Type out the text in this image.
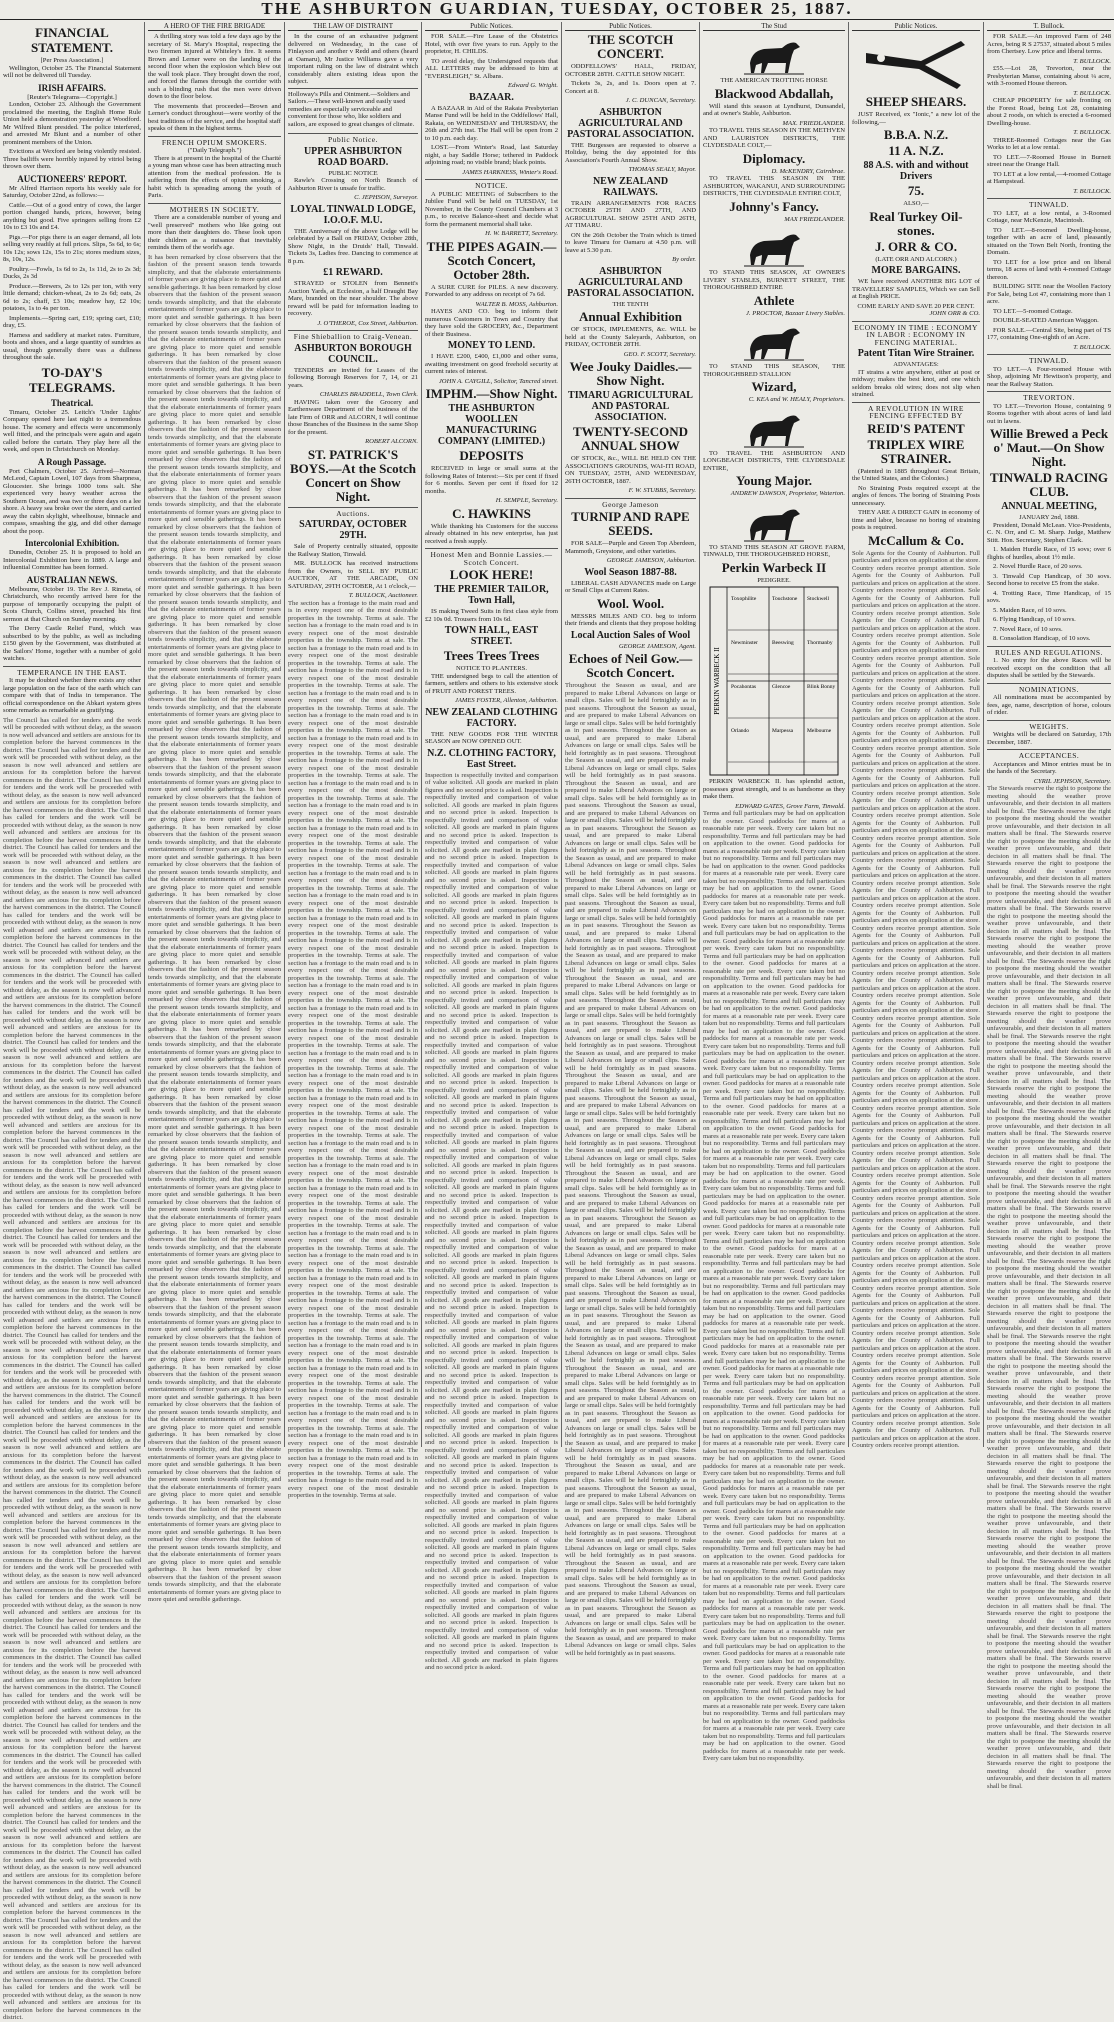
THE ASHBURTON GUARDIAN, TUESDAY, OCTOBER 25, 1887.
FINANCIAL STATEMENT.
[Per Press Association.]
Wellington, October 25. The Financial Statement will not be delivered till Tuesday.
IRISH AFFAIRS.
[Reuter's Telegrams—Copyright.]
London, October 23. Although the Government proclaimed the meeting, the English Home Rule Union held a demonstration yesterday at Woodford. Mr Wilfred Blunt presided. The police interfered, and arrested Mr Blunt and a number of other prominent members of the Union.
Evictions at Wexford are being violently resisted. Three bailiffs were horribly injured by vitriol being thrown over them.
AUCTIONEERS' REPORT.
Mr Alfred Harrison reports his weekly sale for Saturday, October 22nd, as follows:—
Cattle.—Out of a good entry of cows, the larger portion changed hands, prices, however, being anything but good. Five springers selling from £2 10s to £3 10s and £4.
Pigs.—For pigs there is an eager demand, all lots selling very readily at full prices. Slips, 5s 6d, to 6s; 10s 12s; sows 12s, 15s to 21s; stores medium sizes, 8s, 10s, 12s.
Poultry.—Fowls, 1s 6d to 2s, 1s 11d, 2s to 2s 3d; Ducks, 2s 3d
Produce.—Brewers, 2s to 12s per ton, with very little demand; chicken-wheat, 2s to 2s 6d; oats, 2s 6d to 2s; chaff, £3 10s; meadow hay, £2 10s; potatoes, 1s to 4s per ton.
Implements.—Spring cart, £19; spring cart, £10; dray, £5.
Harness and saddlery at market rates. Furniture, boots and shoes, and a large quantity of sundries as usual, though generally there was a dullness throughout the sale.
TO-DAY'S TELEGRAMS.
Theatrical.
Timaru, October 25. Leitch's 'Under Lights' Company opened here last night to a tremendous house. The scenery and effects were uncommonly well fitted, and the principals were again and again called before the curtain. They play here all the week, and open in Christchurch on Monday.
A Rough Passage.
Port Chalmers, October 25. Arrived—Norman McLeod, Captain Lowel, 107 days from Sharpness, Gloucester. She brings 1000 tons salt. She experienced very heavy weather across the Southern Ocean, and was two or three days on a lee shore. A heavy sea broke over the stern, and carried away the cabin skylight, wheelhouse, binnacle and compass, smashing the gig, and did other damage about the poop.
Intercolonial Exhibition.
Dunedin, October 25. It is proposed to hold an Intercolonial Exhibition here in 1889. A large and influential Committee has been formed.
AUSTRALIAN NEWS.
Melbourne, October 19. The Rev J. Rimeta, of Christchurch, who recently arrived here for the purpose of temporarily occupying the pulpit of Scots Church, Collins street, preached his first sermon at that Church on Sunday morning.
The Derry Castle Relief Fund, which was subscribed to by the public, as well as including £150 given by the Government, was distributed at the Sailors' Home, together with a number of gold watches.
TEMPERANCE IN THE EAST.
It may be doubted whether there exists any other large population on the face of the earth which can compare with that of India in temperance. The official correspondence on the Abkari system gives some remarks as remarkable as gratifying.
The Council has called for tenders and the work will be proceeded with without delay, as the season is now well advanced and settlers are anxious for its completion before the harvest commences in the district. The Council has called for tenders and the work will be proceeded with without delay, as the season is now well advanced and settlers are anxious for its completion before the harvest commences in the district. The Council has called for tenders and the work will be proceeded with without delay, as the season is now well advanced and settlers are anxious for its completion before the harvest commences in the district. The Council has called for tenders and the work will be proceeded with without delay, as the season is now well advanced and settlers are anxious for its completion before the harvest commences in the district. The Council has called for tenders and the work will be proceeded with without delay, as the season is now well advanced and settlers are anxious for its completion before the harvest commences in the district. The Council has called for tenders and the work will be proceeded with without delay, as the season is now well advanced and settlers are anxious for its completion before the harvest commences in the district. The Council has called for tenders and the work will be proceeded with without delay, as the season is now well advanced and settlers are anxious for its completion before the harvest commences in the district. The Council has called for tenders and the work will be proceeded with without delay, as the season is now well advanced and settlers are anxious for its completion before the harvest commences in the district. The Council has called for tenders and the work will be proceeded with without delay, as the season is now well advanced and settlers are anxious for its completion before the harvest commences in the district. The Council has called for tenders and the work will be proceeded with without delay, as the season is now well advanced and settlers are anxious for its completion before the harvest commences in the district. The Council has called for tenders and the work will be proceeded with without delay, as the season is now well advanced and settlers are anxious for its completion before the harvest commences in the district. The Council has called for tenders and the work will be proceeded with without delay, as the season is now well advanced and settlers are anxious for its completion before the harvest commences in the district. The Council has called for tenders and the work will be proceeded with without delay, as the season is now well advanced and settlers are anxious for its completion before the harvest commences in the district. The Council has called for tenders and the work will be proceeded with without delay, as the season is now well advanced and settlers are anxious for its completion before the harvest commences in the district. The Council has called for tenders and the work will be proceeded with without delay, as the season is now well advanced and settlers are anxious for its completion before the harvest commences in the district. The Council has called for tenders and the work will be proceeded with without delay, as the season is now well advanced and settlers are anxious for its completion before the harvest commences in the district. The Council has called for tenders and the work will be proceeded with without delay, as the season is now well advanced and settlers are anxious for its completion before the harvest commences in the district. The Council has called for tenders and the work will be proceeded with without delay, as the season is now well advanced and settlers are anxious for its completion before the harvest commences in the district. The Council has called for tenders and the work will be proceeded with without delay, as the season is now well advanced and settlers are anxious for its completion before the harvest commences in the district. The Council has called for tenders and the work will be proceeded with without delay, as the season is now well advanced and settlers are anxious for its completion before the harvest commences in the district. The Council has called for tenders and the work will be proceeded with without delay, as the season is now well advanced and settlers are anxious for its completion before the harvest commences in the district. The Council has called for tenders and the work will be proceeded with without delay, as the season is now well advanced and settlers are anxious for its completion before the harvest commences in the district. The Council has called for tenders and the work will be proceeded with without delay, as the season is now well advanced and settlers are anxious for its completion before the harvest commences in the district. The Council has called for tenders and the work will be proceeded with without delay, as the season is now well advanced and settlers are anxious for its completion before the harvest commences in the district. The Council has called for tenders and the work will be proceeded with without delay, as the season is now well advanced and settlers are anxious for its completion before the harvest commences in the district. The Council has called for tenders and the work will be proceeded with without delay, as the season is now well advanced and settlers are anxious for its completion before the harvest commences in the district. The Council has called for tenders and the work will be proceeded with without delay, as the season is now well advanced and settlers are anxious for its completion before the harvest commences in the district. The Council has called for tenders and the work will be proceeded with without delay, as the season is now well advanced and settlers are anxious for its completion before the harvest commences in the district. The Council has called for tenders and the work will be proceeded with without delay, as the season is now well advanced and settlers are anxious for its completion before the harvest commences in the district. The Council has called for tenders and the work will be proceeded with without delay, as the season is now well advanced and settlers are anxious for its completion before the harvest commences in the district. The Council has called for tenders and the work will be proceeded with without delay, as the season is now well advanced and settlers are anxious for its completion before the harvest commences in the district. The Council has called for tenders and the work will be proceeded with without delay, as the season is now well advanced and settlers are anxious for its completion before the harvest commences in the district. The Council has called for tenders and the work will be proceeded with without delay, as the season is now well advanced and settlers are anxious for its completion before the harvest commences in the district. The Council has called for tenders and the work will be proceeded with without delay, as the season is now well advanced and settlers are anxious for its completion before the harvest commences in the district. The Council has called for tenders and the work will be proceeded with without delay, as the season is now well advanced and settlers are anxious for its completion before the harvest commences in the district. The Council has called for tenders and the work will be proceeded with without delay, as the season is now well advanced and settlers are anxious for its completion before the harvest commences in the district. The Council has called for tenders and the work will be proceeded with without delay, as the season is now well advanced and settlers are anxious for its completion before the harvest commences in the district. The Council has called for tenders and the work will be proceeded with without delay, as the season is now well advanced and settlers are anxious for its completion before the harvest commences in the district. The Council has called for tenders and the work will be proceeded with without delay, as the season is now well advanced and settlers are anxious for its completion before the harvest commences in the district. The Council has called for tenders and the work will be proceeded with without delay, as the season is now well advanced and settlers are anxious for its completion before the harvest commences in the district.
A HERO OF THE FIRE BRIGADE
A thrilling story was told a few days ago by the secretary of St. Mary's Hospital, respecting the two firemen injured at Whiteley's fire. It seems Brown and Lerner were on the landing of the second floor when the explosion which blew out the wall took place. They brought down the roof, and forced the flames through the corridor with such a blinding rush that the men were driven down to the floor below.
The movements that proceeded—Brown and Lerner's conduct throughout—were worthy of the best traditions of the service, and the hospital staff speaks of them in the highest terms.
FRENCH OPIUM SMOKERS.
("Daily Telegraph.")
There is at present in the hospital of the Charité a young man whose case has been attracting much attention from the medical profession. He is suffering from the effects of opium smoking, a habit which is spreading among the youth of Paris.
MOTHERS IN SOCIETY.
There are a considerable number of young and "well preserved" mothers who like going out more than their daughters do. These look upon their children as a nuisance that inevitably reminds them of the world's age.
It has been remarked by close observers that the fashion of the present season tends towards simplicity, and that the elaborate entertainments of former years are giving place to more quiet and sensible gatherings. It has been remarked by close observers that the fashion of the present season tends towards simplicity, and that the elaborate entertainments of former years are giving place to more quiet and sensible gatherings. It has been remarked by close observers that the fashion of the present season tends towards simplicity, and that the elaborate entertainments of former years are giving place to more quiet and sensible gatherings. It has been remarked by close observers that the fashion of the present season tends towards simplicity, and that the elaborate entertainments of former years are giving place to more quiet and sensible gatherings. It has been remarked by close observers that the fashion of the present season tends towards simplicity, and that the elaborate entertainments of former years are giving place to more quiet and sensible gatherings. It has been remarked by close observers that the fashion of the present season tends towards simplicity, and that the elaborate entertainments of former years are giving place to more quiet and sensible gatherings. It has been remarked by close observers that the fashion of the present season tends towards simplicity, and that the elaborate entertainments of former years are giving place to more quiet and sensible gatherings. It has been remarked by close observers that the fashion of the present season tends towards simplicity, and that the elaborate entertainments of former years are giving place to more quiet and sensible gatherings. It has been remarked by close observers that the fashion of the present season tends towards simplicity, and that the elaborate entertainments of former years are giving place to more quiet and sensible gatherings. It has been remarked by close observers that the fashion of the present season tends towards simplicity, and that the elaborate entertainments of former years are giving place to more quiet and sensible gatherings. It has been remarked by close observers that the fashion of the present season tends towards simplicity, and that the elaborate entertainments of former years are giving place to more quiet and sensible gatherings. It has been remarked by close observers that the fashion of the present season tends towards simplicity, and that the elaborate entertainments of former years are giving place to more quiet and sensible gatherings. It has been remarked by close observers that the fashion of the present season tends towards simplicity, and that the elaborate entertainments of former years are giving place to more quiet and sensible gatherings. It has been remarked by close observers that the fashion of the present season tends towards simplicity, and that the elaborate entertainments of former years are giving place to more quiet and sensible gatherings. It has been remarked by close observers that the fashion of the present season tends towards simplicity, and that the elaborate entertainments of former years are giving place to more quiet and sensible gatherings. It has been remarked by close observers that the fashion of the present season tends towards simplicity, and that the elaborate entertainments of former years are giving place to more quiet and sensible gatherings. It has been remarked by close observers that the fashion of the present season tends towards simplicity, and that the elaborate entertainments of former years are giving place to more quiet and sensible gatherings. It has been remarked by close observers that the fashion of the present season tends towards simplicity, and that the elaborate entertainments of former years are giving place to more quiet and sensible gatherings. It has been remarked by close observers that the fashion of the present season tends towards simplicity, and that the elaborate entertainments of former years are giving place to more quiet and sensible gatherings. It has been remarked by close observers that the fashion of the present season tends towards simplicity, and that the elaborate entertainments of former years are giving place to more quiet and sensible gatherings. It has been remarked by close observers that the fashion of the present season tends towards simplicity, and that the elaborate entertainments of former years are giving place to more quiet and sensible gatherings. It has been remarked by close observers that the fashion of the present season tends towards simplicity, and that the elaborate entertainments of former years are giving place to more quiet and sensible gatherings. It has been remarked by close observers that the fashion of the present season tends towards simplicity, and that the elaborate entertainments of former years are giving place to more quiet and sensible gatherings. It has been remarked by close observers that the fashion of the present season tends towards simplicity, and that the elaborate entertainments of former years are giving place to more quiet and sensible gatherings. It has been remarked by close observers that the fashion of the present season tends towards simplicity, and that the elaborate entertainments of former years are giving place to more quiet and sensible gatherings. It has been remarked by close observers that the fashion of the present season tends towards simplicity, and that the elaborate entertainments of former years are giving place to more quiet and sensible gatherings. It has been remarked by close observers that the fashion of the present season tends towards simplicity, and that the elaborate entertainments of former years are giving place to more quiet and sensible gatherings. It has been remarked by close observers that the fashion of the present season tends towards simplicity, and that the elaborate entertainments of former years are giving place to more quiet and sensible gatherings. It has been remarked by close observers that the fashion of the present season tends towards simplicity, and that the elaborate entertainments of former years are giving place to more quiet and sensible gatherings. It has been remarked by close observers that the fashion of the present season tends towards simplicity, and that the elaborate entertainments of former years are giving place to more quiet and sensible gatherings. It has been remarked by close observers that the fashion of the present season tends towards simplicity, and that the elaborate entertainments of former years are giving place to more quiet and sensible gatherings. It has been remarked by close observers that the fashion of the present season tends towards simplicity, and that the elaborate entertainments of former years are giving place to more quiet and sensible gatherings. It has been remarked by close observers that the fashion of the present season tends towards simplicity, and that the elaborate entertainments of former years are giving place to more quiet and sensible gatherings. It has been remarked by close observers that the fashion of the present season tends towards simplicity, and that the elaborate entertainments of former years are giving place to more quiet and sensible gatherings. It has been remarked by close observers that the fashion of the present season tends towards simplicity, and that the elaborate entertainments of former years are giving place to more quiet and sensible gatherings. It has been remarked by close observers that the fashion of the present season tends towards simplicity, and that the elaborate entertainments of former years are giving place to more quiet and sensible gatherings. It has been remarked by close observers that the fashion of the present season tends towards simplicity, and that the elaborate entertainments of former years are giving place to more quiet and sensible gatherings. It has been remarked by close observers that the fashion of the present season tends towards simplicity, and that the elaborate entertainments of former years are giving place to more quiet and sensible gatherings. It has been remarked by close observers that the fashion of the present season tends towards simplicity, and that the elaborate entertainments of former years are giving place to more quiet and sensible gatherings. It has been remarked by close observers that the fashion of the present season tends towards simplicity, and that the elaborate entertainments of former years are giving place to more quiet and sensible gatherings.
THE LAW OF DISTRAINT
In the course of an exhaustive judgment delivered on Wednesday, in the case of Finlayson and another v Redd and others (heard at Oamaru), Mr Justice Williams gave a very important ruling on the law of distraint which considerably alters existing ideas upon the subject.
Holloway's Pills and Ointment.—Soldiers and Sailors.—These well-known and easily used remedies are especially serviceable and convenient for those who, like soldiers and sailors, are exposed to great changes of climate.
Public Notice.
UPPER ASHBURTON ROAD BOARD.
PUBLIC NOTICE
Rawle's Crossing on North Branch of Ashburton River is unsafe for traffic.
C. JEPHSON, Surveyor.
LOYAL TINWALD LODGE, I.O.O.F. M.U.
THE Anniversary of the above Lodge will be celebrated by a Ball on FRIDAY, October 28th, Show Night, in the Druids' Hall, Tinwald. Tickets 3s, Ladies free. Dancing to commence at 8 p.m.
£1 REWARD.
STRAYED or STOLEN from Bennett's Auction Yards, at Ecclesion, a half Draught Bay Mare, branded on the near shoulder. The above reward will be paid for information leading to recovery.
J. O'THEROE, Cox Street, Ashburton.
Fine Shieballion to Craig-Venean.
ASHBURTON BOROUGH COUNCIL.
TENDERS are invited for Leases of the following Borough Reserves for 7, 14, or 21 years.
CHARLES BRADDELL, Town Clerk.
HAVING taken over the Grocery and Earthenware Department of the business of the late Firm of ORR and ALCORN, I will continue those Branches of the Business in the same Shop for the present.
ROBERT ALCORN.
ST. PATRICK'S BOYS.—At the Scotch Concert on Show Night.
Auctions.
SATURDAY, OCTOBER 29TH.
Sale of Property centrally situated, opposite the Railway Station, Tinwald.
MR. BULLOCK has received instructions from the Owners, to SELL BY PUBLIC AUCTION, AT THE ARCADE, ON SATURDAY, 29TH OCTOBER, At 1 o'clock,—
T. BULLOCK, Auctioneer.
The section has a frontage to the main road and is in every respect one of the most desirable properties in the township. Terms at sale. The section has a frontage to the main road and is in every respect one of the most desirable properties in the township. Terms at sale. The section has a frontage to the main road and is in every respect one of the most desirable properties in the township. Terms at sale. The section has a frontage to the main road and is in every respect one of the most desirable properties in the township. Terms at sale. The section has a frontage to the main road and is in every respect one of the most desirable properties in the township. Terms at sale. The section has a frontage to the main road and is in every respect one of the most desirable properties in the township. Terms at sale. The section has a frontage to the main road and is in every respect one of the most desirable properties in the township. Terms at sale. The section has a frontage to the main road and is in every respect one of the most desirable properties in the township. Terms at sale. The section has a frontage to the main road and is in every respect one of the most desirable properties in the township. Terms at sale. The section has a frontage to the main road and is in every respect one of the most desirable properties in the township. Terms at sale. The section has a frontage to the main road and is in every respect one of the most desirable properties in the township. Terms at sale. The section has a frontage to the main road and is in every respect one of the most desirable properties in the township. Terms at sale. The section has a frontage to the main road and is in every respect one of the most desirable properties in the township. Terms at sale. The section has a frontage to the main road and is in every respect one of the most desirable properties in the township. Terms at sale. The section has a frontage to the main road and is in every respect one of the most desirable properties in the township. Terms at sale. The section has a frontage to the main road and is in every respect one of the most desirable properties in the township. Terms at sale. The section has a frontage to the main road and is in every respect one of the most desirable properties in the township. Terms at sale. The section has a frontage to the main road and is in every respect one of the most desirable properties in the township. Terms at sale. The section has a frontage to the main road and is in every respect one of the most desirable properties in the township. Terms at sale. The section has a frontage to the main road and is in every respect one of the most desirable properties in the township. Terms at sale. The section has a frontage to the main road and is in every respect one of the most desirable properties in the township. Terms at sale. The section has a frontage to the main road and is in every respect one of the most desirable properties in the township. Terms at sale. The section has a frontage to the main road and is in every respect one of the most desirable properties in the township. Terms at sale. The section has a frontage to the main road and is in every respect one of the most desirable properties in the township. Terms at sale. The section has a frontage to the main road and is in every respect one of the most desirable properties in the township. Terms at sale. The section has a frontage to the main road and is in every respect one of the most desirable properties in the township. Terms at sale. The section has a frontage to the main road and is in every respect one of the most desirable properties in the township. Terms at sale. The section has a frontage to the main road and is in every respect one of the most desirable properties in the township. Terms at sale. The section has a frontage to the main road and is in every respect one of the most desirable properties in the township. Terms at sale. The section has a frontage to the main road and is in every respect one of the most desirable properties in the township. Terms at sale. The section has a frontage to the main road and is in every respect one of the most desirable properties in the township. Terms at sale. The section has a frontage to the main road and is in every respect one of the most desirable properties in the township. Terms at sale. The section has a frontage to the main road and is in every respect one of the most desirable properties in the township. Terms at sale. The section has a frontage to the main road and is in every respect one of the most desirable properties in the township. Terms at sale. The section has a frontage to the main road and is in every respect one of the most desirable properties in the township. Terms at sale. The section has a frontage to the main road and is in every respect one of the most desirable properties in the township. Terms at sale. The section has a frontage to the main road and is in every respect one of the most desirable properties in the township. Terms at sale. The section has a frontage to the main road and is in every respect one of the most desirable properties in the township. Terms at sale. The section has a frontage to the main road and is in every respect one of the most desirable properties in the township. Terms at sale. The section has a frontage to the main road and is in every respect one of the most desirable properties in the township. Terms at sale.
Public Notices.
FOR SALE.—Fire Lease of the Obstetrics Hotel, with over five years to run. Apply to the proprietor, H. CHILDS.
TO avoid delay, the Undersigned requests that ALL LETTERS may be addressed to him at "EVERSLEIGH," St. Albans.
Edward G. Wright.
BAZAAR.
A BAZAAR in Aid of the Rakaia Presbyterian Manse Fund will be held in the Oddfellows' Hall, Rakaia, on WEDNESDAY and THURSDAY, the 26th and 27th inst. The Hall will be open from 2 to 10 p.m. each day.
LOST.—From Winter's Road, last Saturday night, a bay Saddle Horse; tethered in Paddock adjoining road; no visible brand; black points.
JAMES HARKNESS, Winter's Road.
NOTICE.
A PUBLIC MEETING of Subscribers to the Jubilee Fund will be held on TUESDAY, 1st November, in the County Council Chambers at 3 p.m., to receive Balance-sheet and decide what form the permanent memorial shall take.
H. W. BARRETT, Secretary.
THE PIPES AGAIN.—Scotch Concert, October 28th.
A SURE CURE for PILES. A new discovery. Forwarded to any address on receipt of 7s 6d.
WALTER B. MOSS, Ashburton.
HAYES AND CO. beg to inform their numerous Customers in Town and Country that they have sold the GROCERY, &c., Department of their Business.
MONEY TO LEND.
I HAVE £200, £400, £1,000 and other sums, awaiting investment on good freehold security at current rates of interest.
JOHN A. CAYGILL, Solicitor, Tancred street.
IMPHM.—Show Night.
THE ASHBURTON WOOLLEN MANUFACTURING COMPANY (LIMITED.)
DEPOSITS
RECEIVED in large or small sums at the following Rates of Interest:—Six per cent if fixed for 6 months. Seven per cent if fixed for 12 months.
H. SEMPLE, Secretary.
C. HAWKINS
While thanking his Customers for the success already obtained in his new enterprise, has just received a fresh supply.
Honest Men and Bonnie Lassies.—Scotch Concert.
LOOK HERE!
THE PREMIER TAILOR, Town Hall,
IS making Tweed Suits in first class style from £2 10s 0d. Trousers from 10s 6d.
TOWN HALL, EAST STREET.
Trees Trees Trees
NOTICE TO PLANTERS.
THE undersigned begs to call the attention of farmers, settlers and others to his extensive stock of FRUIT AND FOREST TREES.
JAMES FOSTER, Allenton, Ashburton.
NEW ZEALAND CLOTHING FACTORY.
THE NEW GOODS FOR THE WINTER SEASON are NOW OPENED OUT.
N.Z. CLOTHING FACTORY, East Street.
Inspection is respectfully invited and comparison of value solicited. All goods are marked in plain figures and no second price is asked. Inspection is respectfully invited and comparison of value solicited. All goods are marked in plain figures and no second price is asked. Inspection is respectfully invited and comparison of value solicited. All goods are marked in plain figures and no second price is asked. Inspection is respectfully invited and comparison of value solicited. All goods are marked in plain figures and no second price is asked. Inspection is respectfully invited and comparison of value solicited. All goods are marked in plain figures and no second price is asked. Inspection is respectfully invited and comparison of value solicited. All goods are marked in plain figures and no second price is asked. Inspection is respectfully invited and comparison of value solicited. All goods are marked in plain figures and no second price is asked. Inspection is respectfully invited and comparison of value solicited. All goods are marked in plain figures and no second price is asked. Inspection is respectfully invited and comparison of value solicited. All goods are marked in plain figures and no second price is asked. Inspection is respectfully invited and comparison of value solicited. All goods are marked in plain figures and no second price is asked. Inspection is respectfully invited and comparison of value solicited. All goods are marked in plain figures and no second price is asked. Inspection is respectfully invited and comparison of value solicited. All goods are marked in plain figures and no second price is asked. Inspection is respectfully invited and comparison of value solicited. All goods are marked in plain figures and no second price is asked. Inspection is respectfully invited and comparison of value solicited. All goods are marked in plain figures and no second price is asked. Inspection is respectfully invited and comparison of value solicited. All goods are marked in plain figures and no second price is asked. Inspection is respectfully invited and comparison of value solicited. All goods are marked in plain figures and no second price is asked. Inspection is respectfully invited and comparison of value solicited. All goods are marked in plain figures and no second price is asked. Inspection is respectfully invited and comparison of value solicited. All goods are marked in plain figures and no second price is asked. Inspection is respectfully invited and comparison of value solicited. All goods are marked in plain figures and no second price is asked. Inspection is respectfully invited and comparison of value solicited. All goods are marked in plain figures and no second price is asked. Inspection is respectfully invited and comparison of value solicited. All goods are marked in plain figures and no second price is asked. Inspection is respectfully invited and comparison of value solicited. All goods are marked in plain figures and no second price is asked. Inspection is respectfully invited and comparison of value solicited. All goods are marked in plain figures and no second price is asked. Inspection is respectfully invited and comparison of value solicited. All goods are marked in plain figures and no second price is asked. Inspection is respectfully invited and comparison of value solicited. All goods are marked in plain figures and no second price is asked. Inspection is respectfully invited and comparison of value solicited. All goods are marked in plain figures and no second price is asked. Inspection is respectfully invited and comparison of value solicited. All goods are marked in plain figures and no second price is asked. Inspection is respectfully invited and comparison of value solicited. All goods are marked in plain figures and no second price is asked. Inspection is respectfully invited and comparison of value solicited. All goods are marked in plain figures and no second price is asked. Inspection is respectfully invited and comparison of value solicited. All goods are marked in plain figures and no second price is asked. Inspection is respectfully invited and comparison of value solicited. All goods are marked in plain figures and no second price is asked. Inspection is respectfully invited and comparison of value solicited. All goods are marked in plain figures and no second price is asked. Inspection is respectfully invited and comparison of value solicited. All goods are marked in plain figures and no second price is asked. Inspection is respectfully invited and comparison of value solicited. All goods are marked in plain figures and no second price is asked. Inspection is respectfully invited and comparison of value solicited. All goods are marked in plain figures and no second price is asked. Inspection is respectfully invited and comparison of value solicited. All goods are marked in plain figures and no second price is asked. Inspection is respectfully invited and comparison of value solicited. All goods are marked in plain figures and no second price is asked. Inspection is respectfully invited and comparison of value solicited. All goods are marked in plain figures and no second price is asked. Inspection is respectfully invited and comparison of value solicited. All goods are marked in plain figures and no second price is asked. Inspection is respectfully invited and comparison of value solicited. All goods are marked in plain figures and no second price is asked.
Public Notices.
THE SCOTCH CONCERT.
ODDFELLOWS' HALL, FRIDAY, OCTOBER 28TH. CATTLE SHOW NIGHT.
Tickets 3s, 2s, and 1s. Doors open at 7. Concert at 8.
J. C. DUNCAN, Secretary.
ASHBURTON AGRICULTURAL AND PASTORAL ASSOCIATION.
THE Burgesses are requested to observe a Holiday, being the day appointed for this Association's Fourth Annual Show.
THOMAS SEALY, Mayor.
NEW ZEALAND RAILWAYS.
TRAIN ARRANGEMENTS FOR RACES OCTOBER 25TH AND 27TH, AND AGRICULTURAL SHOW 25TH AND 26TH, AT TIMARU.
ON the 26th October the Train which is timed to leave Timaru for Oamaru at 4.50 p.m. will leave at 5.30 p.m.
By order.
ASHBURTON AGRICULTURAL AND PASTORAL ASSOCIATION.
THE TENTH
Annual Exhibition
OF STOCK, IMPLEMENTS, &c. WILL be held at the County Saleyards, Ashburton, on FRIDAY, OCTOBER 28TH.
GEO. F. SCOTT, Secretary.
Wee Jouky Daidles.—Show Night.
TIMARU AGRICULTURAL AND PASTORAL ASSOCIATION.
TWENTY-SECOND ANNUAL SHOW
OF STOCK, &c., WILL BE HELD ON THE ASSOCIATION'S GROUNDS, WAI-ITI ROAD, ON TUESDAY, 25TH, AND WEDNESDAY, 26TH OCTOBER, 1887.
F. W. STUBBS, Secretary.
George Jameson
TURNIP AND RAPE SEEDS.
FOR SALE—Purple and Green Top Aberdeen, Mammoth, Greystone, and other varieties.
GEORGE JAMESON, Ashburton.
Wool Season 1887-88.
LIBERAL CASH ADVANCES made on Large or Small Clips at Current Rates.
Wool. Wool.
MESSRS MILES AND CO. beg to inform their friends and clients that they propose holding
Local Auction Sales of Wool
GEORGE JAMESON, Agent.
Echoes of Neil Gow.—Scotch Concert.
Throughout the Season as usual, and are prepared to make Liberal Advances on large or small clips. Sales will be held fortnightly as in past seasons. Throughout the Season as usual, and are prepared to make Liberal Advances on large or small clips. Sales will be held fortnightly as in past seasons. Throughout the Season as usual, and are prepared to make Liberal Advances on large or small clips. Sales will be held fortnightly as in past seasons. Throughout the Season as usual, and are prepared to make Liberal Advances on large or small clips. Sales will be held fortnightly as in past seasons. Throughout the Season as usual, and are prepared to make Liberal Advances on large or small clips. Sales will be held fortnightly as in past seasons. Throughout the Season as usual, and are prepared to make Liberal Advances on large or small clips. Sales will be held fortnightly as in past seasons. Throughout the Season as usual, and are prepared to make Liberal Advances on large or small clips. Sales will be held fortnightly as in past seasons. Throughout the Season as usual, and are prepared to make Liberal Advances on large or small clips. Sales will be held fortnightly as in past seasons. Throughout the Season as usual, and are prepared to make Liberal Advances on large or small clips. Sales will be held fortnightly as in past seasons. Throughout the Season as usual, and are prepared to make Liberal Advances on large or small clips. Sales will be held fortnightly as in past seasons. Throughout the Season as usual, and are prepared to make Liberal Advances on large or small clips. Sales will be held fortnightly as in past seasons. Throughout the Season as usual, and are prepared to make Liberal Advances on large or small clips. Sales will be held fortnightly as in past seasons. Throughout the Season as usual, and are prepared to make Liberal Advances on large or small clips. Sales will be held fortnightly as in past seasons. Throughout the Season as usual, and are prepared to make Liberal Advances on large or small clips. Sales will be held fortnightly as in past seasons. Throughout the Season as usual, and are prepared to make Liberal Advances on large or small clips. Sales will be held fortnightly as in past seasons. Throughout the Season as usual, and are prepared to make Liberal Advances on large or small clips. Sales will be held fortnightly as in past seasons. Throughout the Season as usual, and are prepared to make Liberal Advances on large or small clips. Sales will be held fortnightly as in past seasons. Throughout the Season as usual, and are prepared to make Liberal Advances on large or small clips. Sales will be held fortnightly as in past seasons. Throughout the Season as usual, and are prepared to make Liberal Advances on large or small clips. Sales will be held fortnightly as in past seasons. Throughout the Season as usual, and are prepared to make Liberal Advances on large or small clips. Sales will be held fortnightly as in past seasons. Throughout the Season as usual, and are prepared to make Liberal Advances on large or small clips. Sales will be held fortnightly as in past seasons. Throughout the Season as usual, and are prepared to make Liberal Advances on large or small clips. Sales will be held fortnightly as in past seasons. Throughout the Season as usual, and are prepared to make Liberal Advances on large or small clips. Sales will be held fortnightly as in past seasons. Throughout the Season as usual, and are prepared to make Liberal Advances on large or small clips. Sales will be held fortnightly as in past seasons. Throughout the Season as usual, and are prepared to make Liberal Advances on large or small clips. Sales will be held fortnightly as in past seasons. Throughout the Season as usual, and are prepared to make Liberal Advances on large or small clips. Sales will be held fortnightly as in past seasons. Throughout the Season as usual, and are prepared to make Liberal Advances on large or small clips. Sales will be held fortnightly as in past seasons. Throughout the Season as usual, and are prepared to make Liberal Advances on large or small clips. Sales will be held fortnightly as in past seasons. Throughout the Season as usual, and are prepared to make Liberal Advances on large or small clips. Sales will be held fortnightly as in past seasons. Throughout the Season as usual, and are prepared to make Liberal Advances on large or small clips. Sales will be held fortnightly as in past seasons. Throughout the Season as usual, and are prepared to make Liberal Advances on large or small clips. Sales will be held fortnightly as in past seasons. Throughout the Season as usual, and are prepared to make Liberal Advances on large or small clips. Sales will be held fortnightly as in past seasons. Throughout the Season as usual, and are prepared to make Liberal Advances on large or small clips. Sales will be held fortnightly as in past seasons. Throughout the Season as usual, and are prepared to make Liberal Advances on large or small clips. Sales will be held fortnightly as in past seasons. Throughout the Season as usual, and are prepared to make Liberal Advances on large or small clips. Sales will be held fortnightly as in past seasons. Throughout the Season as usual, and are prepared to make Liberal Advances on large or small clips. Sales will be held fortnightly as in past seasons. Throughout the Season as usual, and are prepared to make Liberal Advances on large or small clips. Sales will be held fortnightly as in past seasons. Throughout the Season as usual, and are prepared to make Liberal Advances on large or small clips. Sales will be held fortnightly as in past seasons. Throughout the Season as usual, and are prepared to make Liberal Advances on large or small clips. Sales will be held fortnightly as in past seasons. Throughout the Season as usual, and are prepared to make Liberal Advances on large or small clips. Sales will be held fortnightly as in past seasons.
The Stud
THE AMERICAN TROTTING HORSE
Blackwood Abdallah,
Will stand this season at Lyndhurst, Dunsandel, and at owner's Stable, Ashburton.
MAX. FRIEDLANDER.
TO TRAVEL THIS SEASON IN THE METHVEN AND LAURISTON DISTRICTS, THE CLYDESDALE COLT,—
Diplomacy.
D. McKENDRY, Cairnbrae.
TO TRAVEL THIS SEASON IN THE ASHBURTON, WAKANUI, AND SURROUNDING DISTRICTS, THE CLYDESDALE ENTIRE COLT,
Johnny's Fancy.
MAX FRIEDLANDER.
TO STAND THIS SEASON, AT OWNER'S LIVERY STABLES, BURNETT STREET, THE THOROUGHBRED ENTIRE
Athlete
J. PROCTOR, Bazaar Livery Stables.
TO STAND THIS SEASON, THE THOROUGHBRED STALLION
Wizard,
C. KEA and W. HEALY, Proprietors.
TO TRAVEL THE ASHBURTON AND LONGBEACH DISTRICTS, THE CLYDESDALE ENTIRE,
Young Major.
ANDREW DAWSON, Proprietor, Waterton.
TO STAND THIS SEASON AT GROVE FARM, TINWALD, THE THOROUGHBRED HORSE,
Perkin Warbeck II
PEDIGREE.
PERKIN WARBECK II
Toxophilite
Newminster
Pocahontas
Orlando
Touchstone
Beeswing
Glencoe
Marpessa
Stockwell
Thormanby
Blink Bonny
Melbourne
PERKIN WARBECK II. has splendid action, possesses great strength, and is as handsome as they make them.
EDWARD GATES, Grove Farm, Tinwald.
Terms and full particulars may be had on application to the owner. Good paddocks for mares at a reasonable rate per week. Every care taken but no responsibility. Terms and full particulars may be had on application to the owner. Good paddocks for mares at a reasonable rate per week. Every care taken but no responsibility. Terms and full particulars may be had on application to the owner. Good paddocks for mares at a reasonable rate per week. Every care taken but no responsibility. Terms and full particulars may be had on application to the owner. Good paddocks for mares at a reasonable rate per week. Every care taken but no responsibility. Terms and full particulars may be had on application to the owner. Good paddocks for mares at a reasonable rate per week. Every care taken but no responsibility. Terms and full particulars may be had on application to the owner. Good paddocks for mares at a reasonable rate per week. Every care taken but no responsibility. Terms and full particulars may be had on application to the owner. Good paddocks for mares at a reasonable rate per week. Every care taken but no responsibility. Terms and full particulars may be had on application to the owner. Good paddocks for mares at a reasonable rate per week. Every care taken but no responsibility. Terms and full particulars may be had on application to the owner. Good paddocks for mares at a reasonable rate per week. Every care taken but no responsibility. Terms and full particulars may be had on application to the owner. Good paddocks for mares at a reasonable rate per week. Every care taken but no responsibility. Terms and full particulars may be had on application to the owner. Good paddocks for mares at a reasonable rate per week. Every care taken but no responsibility. Terms and full particulars may be had on application to the owner. Good paddocks for mares at a reasonable rate per week. Every care taken but no responsibility. Terms and full particulars may be had on application to the owner. Good paddocks for mares at a reasonable rate per week. Every care taken but no responsibility. Terms and full particulars may be had on application to the owner. Good paddocks for mares at a reasonable rate per week. Every care taken but no responsibility. Terms and full particulars may be had on application to the owner. Good paddocks for mares at a reasonable rate per week. Every care taken but no responsibility. Terms and full particulars may be had on application to the owner. Good paddocks for mares at a reasonable rate per week. Every care taken but no responsibility. Terms and full particulars may be had on application to the owner. Good paddocks for mares at a reasonable rate per week. Every care taken but no responsibility. Terms and full particulars may be had on application to the owner. Good paddocks for mares at a reasonable rate per week. Every care taken but no responsibility. Terms and full particulars may be had on application to the owner. Good paddocks for mares at a reasonable rate per week. Every care taken but no responsibility. Terms and full particulars may be had on application to the owner. Good paddocks for mares at a reasonable rate per week. Every care taken but no responsibility. Terms and full particulars may be had on application to the owner. Good paddocks for mares at a reasonable rate per week. Every care taken but no responsibility. Terms and full particulars may be had on application to the owner. Good paddocks for mares at a reasonable rate per week. Every care taken but no responsibility. Terms and full particulars may be had on application to the owner. Good paddocks for mares at a reasonable rate per week. Every care taken but no responsibility. Terms and full particulars may be had on application to the owner. Good paddocks for mares at a reasonable rate per week. Every care taken but no responsibility. Terms and full particulars may be had on application to the owner. Good paddocks for mares at a reasonable rate per week. Every care taken but no responsibility. Terms and full particulars may be had on application to the owner. Good paddocks for mares at a reasonable rate per week. Every care taken but no responsibility. Terms and full particulars may be had on application to the owner. Good paddocks for mares at a reasonable rate per week. Every care taken but no responsibility. Terms and full particulars may be had on application to the owner. Good paddocks for mares at a reasonable rate per week. Every care taken but no responsibility. Terms and full particulars may be had on application to the owner. Good paddocks for mares at a reasonable rate per week. Every care taken but no responsibility. Terms and full particulars may be had on application to the owner. Good paddocks for mares at a reasonable rate per week. Every care taken but no responsibility. Terms and full particulars may be had on application to the owner. Good paddocks for mares at a reasonable rate per week. Every care taken but no responsibility. Terms and full particulars may be had on application to the owner. Good paddocks for mares at a reasonable rate per week. Every care taken but no responsibility. Terms and full particulars may be had on application to the owner. Good paddocks for mares at a reasonable rate per week. Every care taken but no responsibility. Terms and full particulars may be had on application to the owner. Good paddocks for mares at a reasonable rate per week. Every care taken but no responsibility. Terms and full particulars may be had on application to the owner. Good paddocks for mares at a reasonable rate per week. Every care taken but no responsibility. Terms and full particulars may be had on application to the owner. Good paddocks for mares at a reasonable rate per week. Every care taken but no responsibility. Terms and full particulars may be had on application to the owner. Good paddocks for mares at a reasonable rate per week. Every care taken but no responsibility. Terms and full particulars may be had on application to the owner. Good paddocks for mares at a reasonable rate per week. Every care taken but no responsibility. Terms and full particulars may be had on application to the owner. Good paddocks for mares at a reasonable rate per week. Every care taken but no responsibility. Terms and full particulars may be had on application to the owner. Good paddocks for mares at a reasonable rate per week. Every care taken but no responsibility.
Public Notices.
SHEEP SHEARS.
JUST Received, ex "Ionic," a new lot of the following,—
B.B.A. N.Z.
11 A. N.Z.
88 A.S. with and without Drivers
75.
ALSO,—
Real Turkey Oil-stones.
J. ORR & CO.
(LATE ORR AND ALCORN.)
MORE BARGAINS.
WE have received ANOTHER BIG LOT of TRAVELLERS' SAMPLES, Which we can Sell at English PRICE.
COME EARLY AND SAVE 20 PER CENT.
JOHN ORR & CO.
ECONOMY IN TIME : ECONOMY IN LABOR : ECONOMY IN FENCING MATERIAL.
Patent Titan Wire Strainer.
ADVANTAGES:
IT strains a wire anywhere, either at post or midway; makes the best knot, and one which seldom breaks old wires; does not slip when strained.
A REVOLUTION IN WIRE FENCING EFFECTED BY
REID'S PATENT
TRIPLEX WIRE STRAINER.
(Patented in 1885 throughout Great Britain, the United States, and the Colonies.)
No Straining Posts required except at the angles of fences. The boring of Straining Posts unnecessary.
THEY ARE A DIRECT GAIN in economy of time and labor, because no boring of straining posts is required.
McCallum & Co.
Sole Agents for the County of Ashburton. Full particulars and prices on application at the store. Country orders receive prompt attention. Sole Agents for the County of Ashburton. Full particulars and prices on application at the store. Country orders receive prompt attention. Sole Agents for the County of Ashburton. Full particulars and prices on application at the store. Country orders receive prompt attention. Sole Agents for the County of Ashburton. Full particulars and prices on application at the store. Country orders receive prompt attention. Sole Agents for the County of Ashburton. Full particulars and prices on application at the store. Country orders receive prompt attention. Sole Agents for the County of Ashburton. Full particulars and prices on application at the store. Country orders receive prompt attention. Sole Agents for the County of Ashburton. Full particulars and prices on application at the store. Country orders receive prompt attention. Sole Agents for the County of Ashburton. Full particulars and prices on application at the store. Country orders receive prompt attention. Sole Agents for the County of Ashburton. Full particulars and prices on application at the store. Country orders receive prompt attention. Sole Agents for the County of Ashburton. Full particulars and prices on application at the store. Country orders receive prompt attention. Sole Agents for the County of Ashburton. Full particulars and prices on application at the store. Country orders receive prompt attention. Sole Agents for the County of Ashburton. Full particulars and prices on application at the store. Country orders receive prompt attention. Sole Agents for the County of Ashburton. Full particulars and prices on application at the store. Country orders receive prompt attention. Sole Agents for the County of Ashburton. Full particulars and prices on application at the store. Country orders receive prompt attention. Sole Agents for the County of Ashburton. Full particulars and prices on application at the store. Country orders receive prompt attention. Sole Agents for the County of Ashburton. Full particulars and prices on application at the store. Country orders receive prompt attention. Sole Agents for the County of Ashburton. Full particulars and prices on application at the store. Country orders receive prompt attention. Sole Agents for the County of Ashburton. Full particulars and prices on application at the store. Country orders receive prompt attention. Sole Agents for the County of Ashburton. Full particulars and prices on application at the store. Country orders receive prompt attention. Sole Agents for the County of Ashburton. Full particulars and prices on application at the store. Country orders receive prompt attention. Sole Agents for the County of Ashburton. Full particulars and prices on application at the store. Country orders receive prompt attention. Sole Agents for the County of Ashburton. Full particulars and prices on application at the store. Country orders receive prompt attention. Sole Agents for the County of Ashburton. Full particulars and prices on application at the store. Country orders receive prompt attention. Sole Agents for the County of Ashburton. Full particulars and prices on application at the store. Country orders receive prompt attention. Sole Agents for the County of Ashburton. Full particulars and prices on application at the store. Country orders receive prompt attention. Sole Agents for the County of Ashburton. Full particulars and prices on application at the store. Country orders receive prompt attention. Sole Agents for the County of Ashburton. Full particulars and prices on application at the store. Country orders receive prompt attention. Sole Agents for the County of Ashburton. Full particulars and prices on application at the store. Country orders receive prompt attention. Sole Agents for the County of Ashburton. Full particulars and prices on application at the store. Country orders receive prompt attention. Sole Agents for the County of Ashburton. Full particulars and prices on application at the store. Country orders receive prompt attention. Sole Agents for the County of Ashburton. Full particulars and prices on application at the store. Country orders receive prompt attention. Sole Agents for the County of Ashburton. Full particulars and prices on application at the store. Country orders receive prompt attention. Sole Agents for the County of Ashburton. Full particulars and prices on application at the store. Country orders receive prompt attention. Sole Agents for the County of Ashburton. Full particulars and prices on application at the store. Country orders receive prompt attention. Sole Agents for the County of Ashburton. Full particulars and prices on application at the store. Country orders receive prompt attention. Sole Agents for the County of Ashburton. Full particulars and prices on application at the store. Country orders receive prompt attention. Sole Agents for the County of Ashburton. Full particulars and prices on application at the store. Country orders receive prompt attention. Sole Agents for the County of Ashburton. Full particulars and prices on application at the store. Country orders receive prompt attention. Sole Agents for the County of Ashburton. Full particulars and prices on application at the store. Country orders receive prompt attention. Sole Agents for the County of Ashburton. Full particulars and prices on application at the store. Country orders receive prompt attention.
T. Bullock.
FOR SALE.—An improved Farm of 248 Acres, being R S 27537, situated about 5 miles from Chertsey. Low price and liberal terms.
T. BULLOCK.
£55.—Lot 28, Trevorton, near the Presbyterian Manse, containing about ¼ acre, with 3-roomed House thereon.
T. BULLOCK.
CHEAP PROPERTY for sale fronting on the Forest Road, being Lot 28, containing about 2 roods, on which is erected a 6-roomed Dwelling-house.
T. BULLOCK.
THREE-Roomed Cottages near the Gas Works to let at a low rental.
TO LET.—7-Roomed House in Burnett street near the Orange Hall.
TO LET at a low rental,—4-roomed Cottage at Hampstead.
T. BULLOCK.
TINWALD.
TO LET, at a low rental, a 3-Roomed Cottage, near McKenzie, Macintosh.
TO LET.—8-roomed Dwelling-house, together with an acre of land, pleasantly situated on the Town Belt North, fronting the Domain.
TO LET for a low price and on liberal terms, 18 acres of land with 4-roomed Cottage thereon.
BUILDING SITE near the Woollen Factory For Sale, being Lot 47, containing more than 1 acre.
TO LET.—5-roomed Cottage.
DOUBLE-SEATED American Waggon.
FOR SALE.—Central Site, being part of TS 177, containing One-eighth of an Acre.
T. BULLOCK.
TINWALD.
TO LET.—A Four-roomed House with Shop, adjoining Mr Hewitson's property, and near the Railway Station.
TREVORTON.
TO LET.—Trevorton House, containing 9 Rooms together with about acres of land laid out in lawns.
Willie Brewed a Peck o' Maut.—On Show Night.
TINWALD RACING CLUB.
ANNUAL MEETING,
JANUARY 2nd, 1888.
President, Donald McLean. Vice-Presidents, C. N. Orr, and C. M. Sharp. Judge, Matthew Stitt. Hon. Secretary, Stephen Clark.
1. Maiden Hurdle Race, of 15 sovs; over 6 flights of hurdles, about 1½ mile.
2. Novel Hurdle Race, of 20 sovs.
3. Tinwald Cup Handicap, of 30 sovs. Second horse to receive £5 from the stake.
4. Trotting Race, Time Handicap, of 15 sovs.
5. Maiden Race, of 10 sovs.
6. Flying Handicap, of 10 sovs.
7. Novel Race, of 10 sovs.
8. Consolation Handicap, of 10 sovs.
RULES AND REGULATIONS.
1. No entry for the above Races will be received except on the condition that all disputes shall be settled by the Stewards.
NOMINATIONS.
All nominations must be accompanied by fees, age, name, description of horse, colours of rider.
WEIGHTS.
Weights will be declared on Saturday, 17th December, 1887.
ACCEPTANCES.
Acceptances and Minor entries must be in the hands of the Secretary.
CYRIL JEPHSON, Secretary.
The Stewards reserve the right to postpone the meeting should the weather prove unfavourable, and their decision in all matters shall be final. The Stewards reserve the right to postpone the meeting should the weather prove unfavourable, and their decision in all matters shall be final. The Stewards reserve the right to postpone the meeting should the weather prove unfavourable, and their decision in all matters shall be final. The Stewards reserve the right to postpone the meeting should the weather prove unfavourable, and their decision in all matters shall be final. The Stewards reserve the right to postpone the meeting should the weather prove unfavourable, and their decision in all matters shall be final. The Stewards reserve the right to postpone the meeting should the weather prove unfavourable, and their decision in all matters shall be final. The Stewards reserve the right to postpone the meeting should the weather prove unfavourable, and their decision in all matters shall be final. The Stewards reserve the right to postpone the meeting should the weather prove unfavourable, and their decision in all matters shall be final. The Stewards reserve the right to postpone the meeting should the weather prove unfavourable, and their decision in all matters shall be final. The Stewards reserve the right to postpone the meeting should the weather prove unfavourable, and their decision in all matters shall be final. The Stewards reserve the right to postpone the meeting should the weather prove unfavourable, and their decision in all matters shall be final. The Stewards reserve the right to postpone the meeting should the weather prove unfavourable, and their decision in all matters shall be final. The Stewards reserve the right to postpone the meeting should the weather prove unfavourable, and their decision in all matters shall be final. The Stewards reserve the right to postpone the meeting should the weather prove unfavourable, and their decision in all matters shall be final. The Stewards reserve the right to postpone the meeting should the weather prove unfavourable, and their decision in all matters shall be final. The Stewards reserve the right to postpone the meeting should the weather prove unfavourable, and their decision in all matters shall be final. The Stewards reserve the right to postpone the meeting should the weather prove unfavourable, and their decision in all matters shall be final. The Stewards reserve the right to postpone the meeting should the weather prove unfavourable, and their decision in all matters shall be final. The Stewards reserve the right to postpone the meeting should the weather prove unfavourable, and their decision in all matters shall be final. The Stewards reserve the right to postpone the meeting should the weather prove unfavourable, and their decision in all matters shall be final. The Stewards reserve the right to postpone the meeting should the weather prove unfavourable, and their decision in all matters shall be final. The Stewards reserve the right to postpone the meeting should the weather prove unfavourable, and their decision in all matters shall be final. The Stewards reserve the right to postpone the meeting should the weather prove unfavourable, and their decision in all matters shall be final. The Stewards reserve the right to postpone the meeting should the weather prove unfavourable, and their decision in all matters shall be final. The Stewards reserve the right to postpone the meeting should the weather prove unfavourable, and their decision in all matters shall be final. The Stewards reserve the right to postpone the meeting should the weather prove unfavourable, and their decision in all matters shall be final. The Stewards reserve the right to postpone the meeting should the weather prove unfavourable, and their decision in all matters shall be final. The Stewards reserve the right to postpone the meeting should the weather prove unfavourable, and their decision in all matters shall be final. The Stewards reserve the right to postpone the meeting should the weather prove unfavourable, and their decision in all matters shall be final. The Stewards reserve the right to postpone the meeting should the weather prove unfavourable, and their decision in all matters shall be final. The Stewards reserve the right to postpone the meeting should the weather prove unfavourable, and their decision in all matters shall be final. The Stewards reserve the right to postpone the meeting should the weather prove unfavourable, and their decision in all matters shall be final. The Stewards reserve the right to postpone the meeting should the weather prove unfavourable, and their decision in all matters shall be final. The Stewards reserve the right to postpone the meeting should the weather prove unfavourable, and their decision in all matters shall be final. The Stewards reserve the right to postpone the meeting should the weather prove unfavourable, and their decision in all matters shall be final. The Stewards reserve the right to postpone the meeting should the weather prove unfavourable, and their decision in all matters shall be final. The Stewards reserve the right to postpone the meeting should the weather prove unfavourable, and their decision in all matters shall be final. The Stewards reserve the right to postpone the meeting should the weather prove unfavourable, and their decision in all matters shall be final. The Stewards reserve the right to postpone the meeting should the weather prove unfavourable, and their decision in all matters shall be final. The Stewards reserve the right to postpone the meeting should the weather prove unfavourable, and their decision in all matters shall be final.
